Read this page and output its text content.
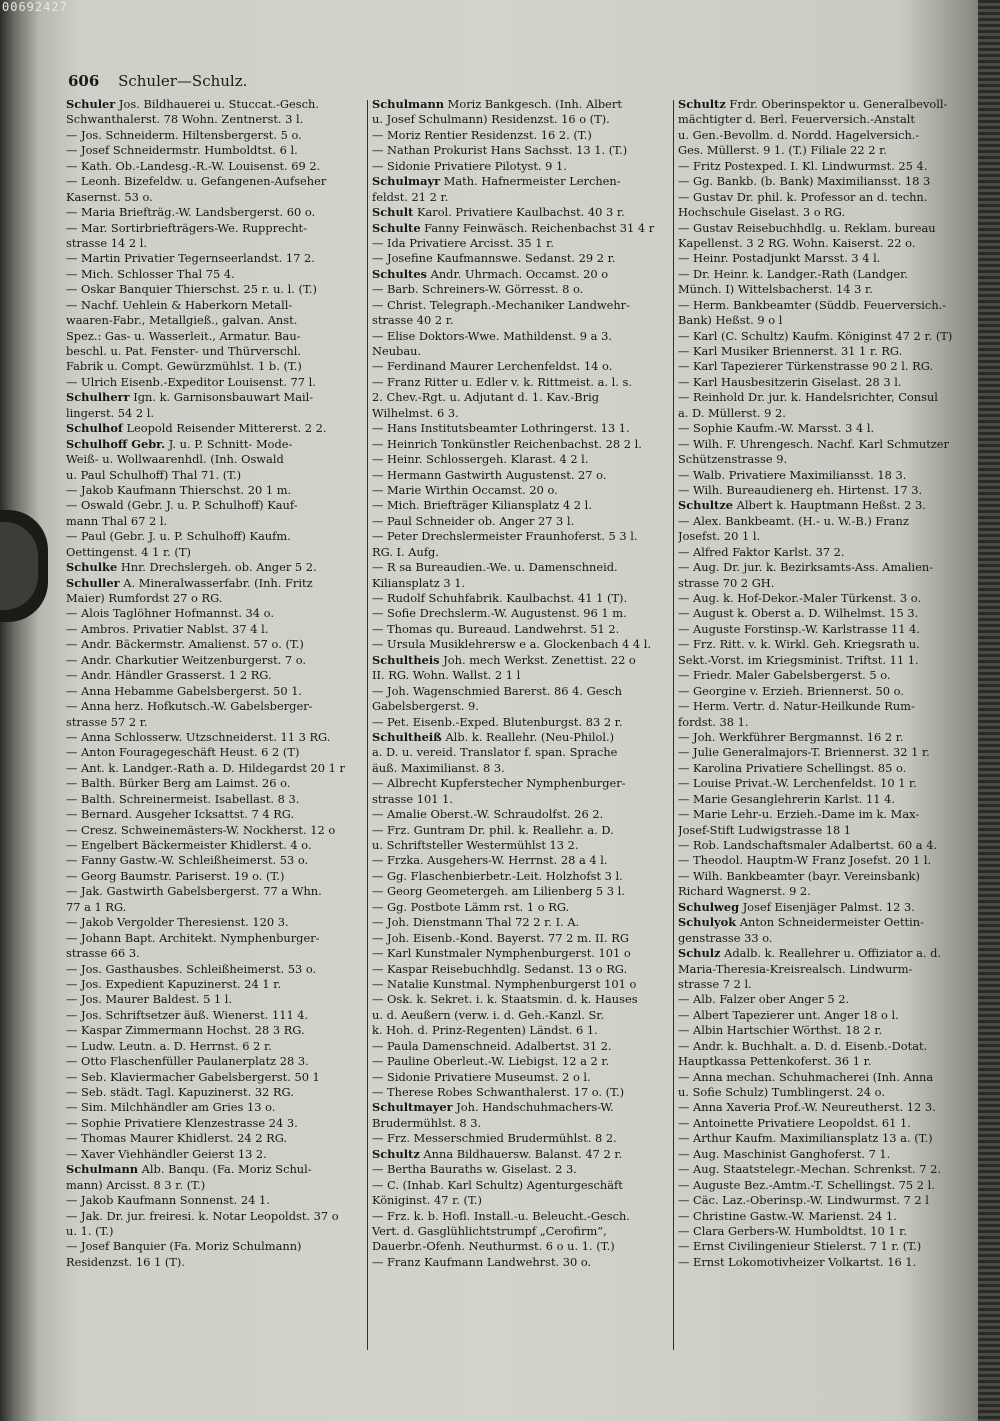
00692427
606 Schuler—Schulz.
Schuler Jos. Bildhauerei u. Stuccat.-Gesch.
Schwanthalerst. 78 Wohn. Zentnerst. 3 l.
— Jos. Schneiderm. Hiltensbergerst. 5 o.
— Josef Schneidermstr. Humboldtst. 6 l.
— Kath. Ob.-Landesg.-R.-W. Louisenst. 69 2.
— Leonh. Bizefeldw. u. Gefangenen-Aufseher
Kasernst. 53 o.
— Maria Briefträg.-W. Landsbergerst. 60 o.
— Mar. Sortirbriefträgers-We. Rupprecht-
strasse 14 2 l.
— Martin Privatier Tegernseerlandst. 17 2.
— Mich. Schlosser Thal 75 4.
— Oskar Banquier Thierschst. 25 r. u. l. (T.)
— Nachf. Uehlein & Haberkorn Metall-
waaren-Fabr., Metallgieß., galvan. Anst.
Spez.: Gas- u. Wasserleit., Armatur. Bau-
beschl. u. Pat. Fenster- und Thürverschl.
Fabrik u. Compt. Gewürzmühlst. 1 b. (T.)
— Ulrich Eisenb.-Expeditor Louisenst. 77 l.
Schulherr Ign. k. Garnisonsbauwart Mail-
lingerst. 54 2 l.
Schulhof Leopold Reisender Mittererst. 2 2.
Schulhoff Gebr. J. u. P. Schnitt- Mode-
Weiß- u. Wollwaarenhdl. (Inh. Oswald
u. Paul Schulhoff) Thal 71. (T.)
— Jakob Kaufmann Thierschst. 20 1 m.
— Oswald (Gebr. J. u. P. Schulhoff) Kauf-
mann Thal 67 2 l.
— Paul (Gebr. J. u. P. Schulhoff) Kaufm.
Oettingenst. 4 1 r. (T)
Schulke Hnr. Drechslergeh. ob. Anger 5 2.
Schuller A. Mineralwasserfabr. (Inh. Fritz
Maier) Rumfordst 27 o RG.
— Alois Taglöhner Hofmannst. 34 o.
— Ambros. Privatier Nablst. 37 4 l.
— Andr. Bäckermstr. Amalienst. 57 o. (T.)
— Andr. Charkutier Weitzenburgerst. 7 o.
— Andr. Händler Grasserst. 1 2 RG.
— Anna Hebamme Gabelsbergerst. 50 1.
— Anna herz. Hofkutsch.-W. Gabelsberger-
strasse 57 2 r.
— Anna Schlosserw. Utzschneiderst. 11 3 RG.
— Anton Fouragegeschäft Heust. 6 2 (T)
— Ant. k. Landger.-Rath a. D. Hildegardst 20 1 r
— Balth. Bürker Berg am Laimst. 26 o.
— Balth. Schreinermeist. Isabellast. 8 3.
— Bernard. Ausgeher Icksattst. 7 4 RG.
— Cresz. Schweinemästers-W. Nockherst. 12 o
— Engelbert Bäckermeister Khidlerst. 4 o.
— Fanny Gastw.-W. Schleißheimerst. 53 o.
— Georg Baumstr. Pariserst. 19 o. (T.)
— Jak. Gastwirth Gabelsbergerst. 77 a Whn.
77 a 1 RG.
— Jakob Vergolder Theresienst. 120 3.
— Johann Bapt. Architekt. Nymphenburger-
strasse 66 3.
— Jos. Gasthausbes. Schleißheimerst. 53 o.
— Jos. Expedient Kapuzinerst. 24 1 r.
— Jos. Maurer Baldest. 5 1 l.
— Jos. Schriftsetzer äuß. Wienerst. 111 4.
— Kaspar Zimmermann Hochst. 28 3 RG.
— Ludw. Leutn. a. D. Herrnst. 6 2 r.
— Otto Flaschenfüller Paulanerplatz 28 3.
— Seb. Klaviermacher Gabelsbergerst. 50 1
— Seb. städt. Tagl. Kapuzinerst. 32 RG.
— Sim. Milchhändler am Gries 13 o.
— Sophie Privatiere Klenzestrasse 24 3.
— Thomas Maurer Khidlerst. 24 2 RG.
— Xaver Viehhändler Geierst 13 2.
Schulmann Alb. Banqu. (Fa. Moriz Schul-
mann) Arcisst. 8 3 r. (T.)
— Jakob Kaufmann Sonnenst. 24 1.
— Jak. Dr. jur. freiresi. k. Notar Leopoldst. 37 o
u. 1. (T.)
— Josef Banquier (Fa. Moriz Schulmann)
Residenzst. 16 1 (T).
Schulmann Moriz Bankgesch. (Inh. Albert
u. Josef Schulmann) Residenzst. 16 o (T).
— Moriz Rentier Residenzst. 16 2. (T.)
— Nathan Prokurist Hans Sachsst. 13 1. (T.)
— Sidonie Privatiere Pilotyst. 9 1.
Schulmayr Math. Hafnermeister Lerchen-
feldst. 21 2 r.
Schult Karol. Privatiere Kaulbachst. 40 3 r.
Schulte Fanny Feinwäsch. Reichenbachst 31 4 r
— Ida Privatiere Arcisst. 35 1 r.
— Josefine Kaufmannswe. Sedanst. 29 2 r.
Schultes Andr. Uhrmach. Occamst. 20 o
— Barb. Schreiners-W. Görresst. 8 o.
— Christ. Telegraph.-Mechaniker Landwehr-
strasse 40 2 r.
— Elise Doktors-Wwe. Mathildenst. 9 a 3.
Neubau.
— Ferdinand Maurer Lerchenfeldst. 14 o.
— Franz Ritter u. Edler v. k. Rittmeist. a. l. s.
2. Chev.-Rgt. u. Adjutant d. 1. Kav.-Brig
Wilhelmst. 6 3.
— Hans Institutsbeamter Lothringerst. 13 1.
— Heinrich Tonkünstler Reichenbachst. 28 2 l.
— Heinr. Schlossergeh. Klarast. 4 2 l.
— Hermann Gastwirth Augustenst. 27 o.
— Marie Wirthin Occamst. 20 o.
— Mich. Briefträger Kiliansplatz 4 2 l.
— Paul Schneider ob. Anger 27 3 l.
— Peter Drechslermeister Fraunhoferst. 5 3 l.
RG. I. Aufg.
— R sa Bureaudien.-We. u. Damenschneid.
Kiliansplatz 3 1.
— Rudolf Schuhfabrik. Kaulbachst. 41 1 (T).
— Sofie Drechslerm.-W. Augustenst. 96 1 m.
— Thomas qu. Bureaud. Landwehrst. 51 2.
— Ursula Musiklehrersw e a. Glockenbach 4 4 l.
Schultheis Joh. mech Werkst. Zenettist. 22 o
II. RG. Wohn. Wallst. 2 1 l
— Joh. Wagenschmied Barerst. 86 4. Gesch
Gabelsbergerst. 9.
— Pet. Eisenb.-Exped. Blutenburgst. 83 2 r.
Schultheiß Alb. k. Reallehr. (Neu-Philol.)
a. D. u. vereid. Translator f. span. Sprache
äuß. Maximilianst. 8 3.
— Albrecht Kupferstecher Nymphenburger-
strasse 101 1.
— Amalie Oberst.-W. Schraudolfst. 26 2.
— Frz. Guntram Dr. phil. k. Reallehr. a. D.
u. Schriftsteller Westermühlst 13 2.
— Frzka. Ausgehers-W. Herrnst. 28 a 4 l.
— Gg. Flaschenbierbetr.-Leit. Holzhofst 3 l.
— Georg Geometergeh. am Lilienberg 5 3 l.
— Gg. Postbote Lämm rst. 1 o RG.
— Joh. Dienstmann Thal 72 2 r. I. A.
— Joh. Eisenb.-Kond. Bayerst. 77 2 m. II. RG
— Karl Kunstmaler Nymphenburgerst. 101 o
— Kaspar Reisebuchhdlg. Sedanst. 13 o RG.
— Natalie Kunstmal. Nymphenburgerst 101 o
— Osk. k. Sekret. i. k. Staatsmin. d. k. Hauses
u. d. Aeußern (verw. i. d. Geh.-Kanzl. Sr.
k. Hoh. d. Prinz-Regenten) Ländst. 6 1.
— Paula Damenschneid. Adalbertst. 31 2.
— Pauline Oberleut.-W. Liebigst. 12 a 2 r.
— Sidonie Privatiere Museumst. 2 o l.
— Therese Robes Schwanthalerst. 17 o. (T.)
Schultmayer Joh. Handschuhmachers-W.
Brudermühlst. 8 3.
— Frz. Messerschmied Brudermühlst. 8 2.
Schultz Anna Bildhauersw. Balanst. 47 2 r.
— Bertha Bauraths w. Giselast. 2 3.
— C. (Inhab. Karl Schultz) Agenturgeschäft
Königinst. 47 r. (T.)
— Frz. k. b. Hofl. Install.-u. Beleucht.-Gesch.
Vert. d. Gasglühlichtstrumpf „Cerofirm“,
Dauerbr.-Ofenh. Neuthurmst. 6 o u. 1. (T.)
— Franz Kaufmann Landwehrst. 30 o.
Schultz Frdr. Oberinspektor u. Generalbevoll-
mächtigter d. Berl. Feuerversich.-Anstalt
u. Gen.-Bevollm. d. Nordd. Hagelversich.-
Ges. Müllerst. 9 1. (T.) Filiale 22 2 r.
— Fritz Postexped. I. Kl. Lindwurmst. 25 4.
— Gg. Bankb. (b. Bank) Maximiliansst. 18 3
— Gustav Dr. phil. k. Professor an d. techn.
Hochschule Giselast. 3 o RG.
— Gustav Reisebuchhdlg. u. Reklam. bureau
Kapellenst. 3 2 RG. Wohn. Kaiserst. 22 o.
— Heinr. Postadjunkt Marsst. 3 4 l.
— Dr. Heinr. k. Landger.-Rath (Landger.
Münch. I) Wittelsbacherst. 14 3 r.
— Herm. Bankbeamter (Süddb. Feuerversich.-
Bank) Heßst. 9 o l
— Karl (C. Schultz) Kaufm. Königinst 47 2 r. (T)
— Karl Musiker Briennerst. 31 1 r. RG.
— Karl Tapezierer Türkenstrasse 90 2 l. RG.
— Karl Hausbesitzerin Giselast. 28 3 l.
— Reinhold Dr. jur. k. Handelsrichter, Consul
a. D. Müllerst. 9 2.
— Sophie Kaufm.-W. Marsst. 3 4 l.
— Wilh. F. Uhrengesch. Nachf. Karl Schmutzer
Schützenstrasse 9.
— Walb. Privatiere Maximiliansst. 18 3.
— Wilh. Bureaudienerg eh. Hirtenst. 17 3.
Schultze Albert k. Hauptmann Heßst. 2 3.
— Alex. Bankbeamt. (H.- u. W.-B.) Franz
Josefst. 20 1 l.
— Alfred Faktor Karlst. 37 2.
— Aug. Dr. jur. k. Bezirksamts-Ass. Amalien-
strasse 70 2 GH.
— Aug. k. Hof-Dekor.-Maler Türkenst. 3 o.
— August k. Oberst a. D. Wilhelmst. 15 3.
— Auguste Forstinsp.-W. Karlstrasse 11 4.
— Frz. Ritt. v. k. Wirkl. Geh. Kriegsrath u.
Sekt.-Vorst. im Kriegsminist. Triftst. 11 1.
— Friedr. Maler Gabelsbergerst. 5 o.
— Georgine v. Erzieh. Briennerst. 50 o.
— Herm. Vertr. d. Natur-Heilkunde Rum-
fordst. 38 1.
— Joh. Werkführer Bergmannst. 16 2 r.
— Julie Generalmajors-T. Briennerst. 32 1 r.
— Karolina Privatiere Schellingst. 85 o.
— Louise Privat.-W. Lerchenfeldst. 10 1 r.
— Marie Gesanglehrerin Karlst. 11 4.
— Marie Lehr-u. Erzieh.-Dame im k. Max-
Josef-Stift Ludwigstrasse 18 1
— Rob. Landschaftsmaler Adalbertst. 60 a 4.
— Theodol. Hauptm-W Franz Josefst. 20 1 l.
— Wilh. Bankbeamter (bayr. Vereinsbank)
Richard Wagnerst. 9 2.
Schulweg Josef Eisenjäger Palmst. 12 3.
Schulyok Anton Schneidermeister Oettin-
genstrasse 33 o.
Schulz Adalb. k. Reallehrer u. Offiziator a. d.
Maria-Theresia-Kreisrealsch. Lindwurm-
strasse 7 2 l.
— Alb. Falzer ober Anger 5 2.
— Albert Tapezierer unt. Anger 18 o l.
— Albin Hartschier Wörthst. 18 2 r.
— Andr. k. Buchhalt. a. D. d. Eisenb.-Dotat.
Hauptkassa Pettenkoferst. 36 1 r.
— Anna mechan. Schuhmacherei (Inh. Anna
u. Sofie Schulz) Tumblingerst. 24 o.
— Anna Xaveria Prof.-W. Neureutherst. 12 3.
— Antoinette Privatiere Leopoldst. 61 1.
— Arthur Kaufm. Maximiliansplatz 13 a. (T.)
— Aug. Maschinist Ganghoferst. 7 1.
— Aug. Staatstelegr.-Mechan. Schrenkst. 7 2.
— Auguste Bez.-Amtm.-T. Schellingst. 75 2 l.
— Cäc. Laz.-Oberinsp.-W. Lindwurmst. 7 2 l
— Christine Gastw.-W. Marienst. 24 1.
— Clara Gerbers-W. Humboldtst. 10 1 r.
— Ernst Civilingenieur Stielerst. 7 1 r. (T.)
— Ernst Lokomotivheizer Volkartst. 16 1.
